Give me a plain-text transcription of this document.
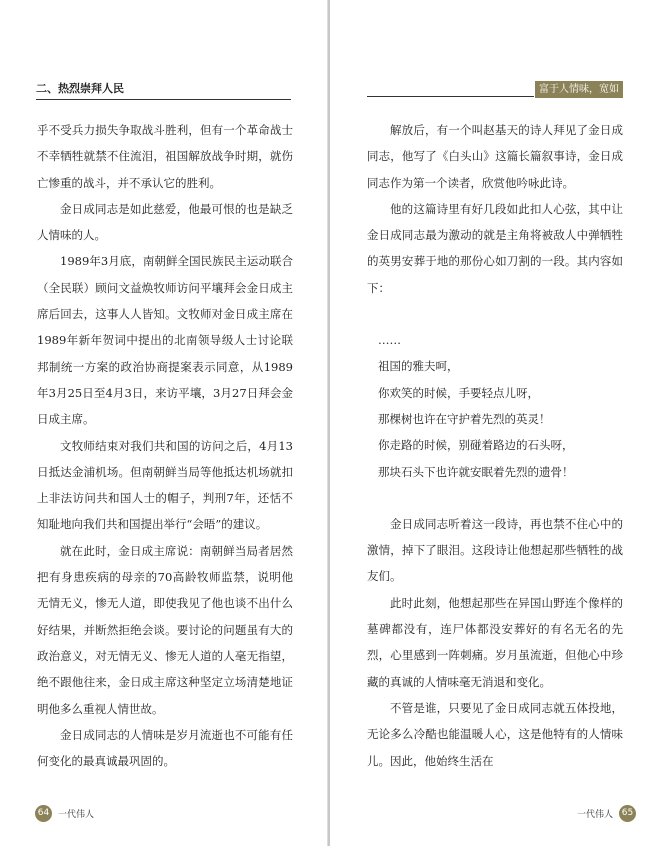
二、热烈崇拜人民

乎不受兵力损失争取战斗胜利，但有一个革命战士不幸牺牲就禁不住流泪，祖国解放战争时期，就伤亡惨重的战斗，并不承认它的胜利。

金日成同志是如此慈爱，他最可恨的也是缺乏人情味的人。

1989年3月底，南朝鲜全国民族民主运动联合（全民联）顾问文益焕牧师访问平壤拜会金日成主席后回去，这事人人皆知。文牧师对金日成主席在1989年新年贺词中提出的北南领导级人士讨论联邦制统一方案的政治协商提案表示同意，从1989年3月25日至4月3日，来访平壤，3月27日拜会金日成主席。

文牧师结束对我们共和国的访问之后，4月13日抵达金浦机场。但南朝鲜当局等他抵达机场就扣上非法访问共和国人士的帽子，判刑7年，还恬不知耻地向我们共和国提出举行“会晤”的建议。

就在此时，金日成主席说：南朝鲜当局者居然把有身患疾病的母亲的70高龄牧师监禁，说明他无情无义，惨无人道，即使我见了他也谈不出什么好结果，并断然拒绝会谈。要讨论的问题虽有大的政治意义，对无情无义、惨无人道的人毫无指望，绝不跟他往来，金日成主席这种坚定立场清楚地证明他多么重视人情世故。

金日成同志的人情味是岁月流逝也不可能有任何变化的最真诚最巩固的。

64 一代伟人
富于人情味，宽如大海

解放后，有一个叫赵基天的诗人拜见了金日成同志，他写了《白头山》这篇长篇叙事诗，金日成同志作为第一个读者，欣赏他吟咏此诗。

他的这篇诗里有好几段如此扣人心弦，其中让金日成同志最为激动的就是主角将被敌人中弹牺牲的英男安葬于地的那份心如刀割的一段。其内容如下：

……
祖国的雅夫呵，
你欢笑的时候，手要轻点儿呀，
那棵树也许在守护着先烈的英灵！
你走路的时候，别碰着路边的石头呀，
那块石头下也许就安眠着先烈的遗骨！

金日成同志听着这一段诗，再也禁不住心中的激情，掉下了眼泪。这段诗让他想起那些牺牲的战友们。

此时此刻，他想起那些在异国山野连个像样的墓碑都没有，连尸体都没安葬好的有名无名的先烈，心里感到一阵刺痛。岁月虽流逝，但他心中珍藏的真诚的人情味毫无消退和变化。

不管是谁，只要见了金日成同志就五体投地，无论多么冷酷也能温暖人心，这是他特有的人情味儿。因此，他始终生活在

一代伟人 65
